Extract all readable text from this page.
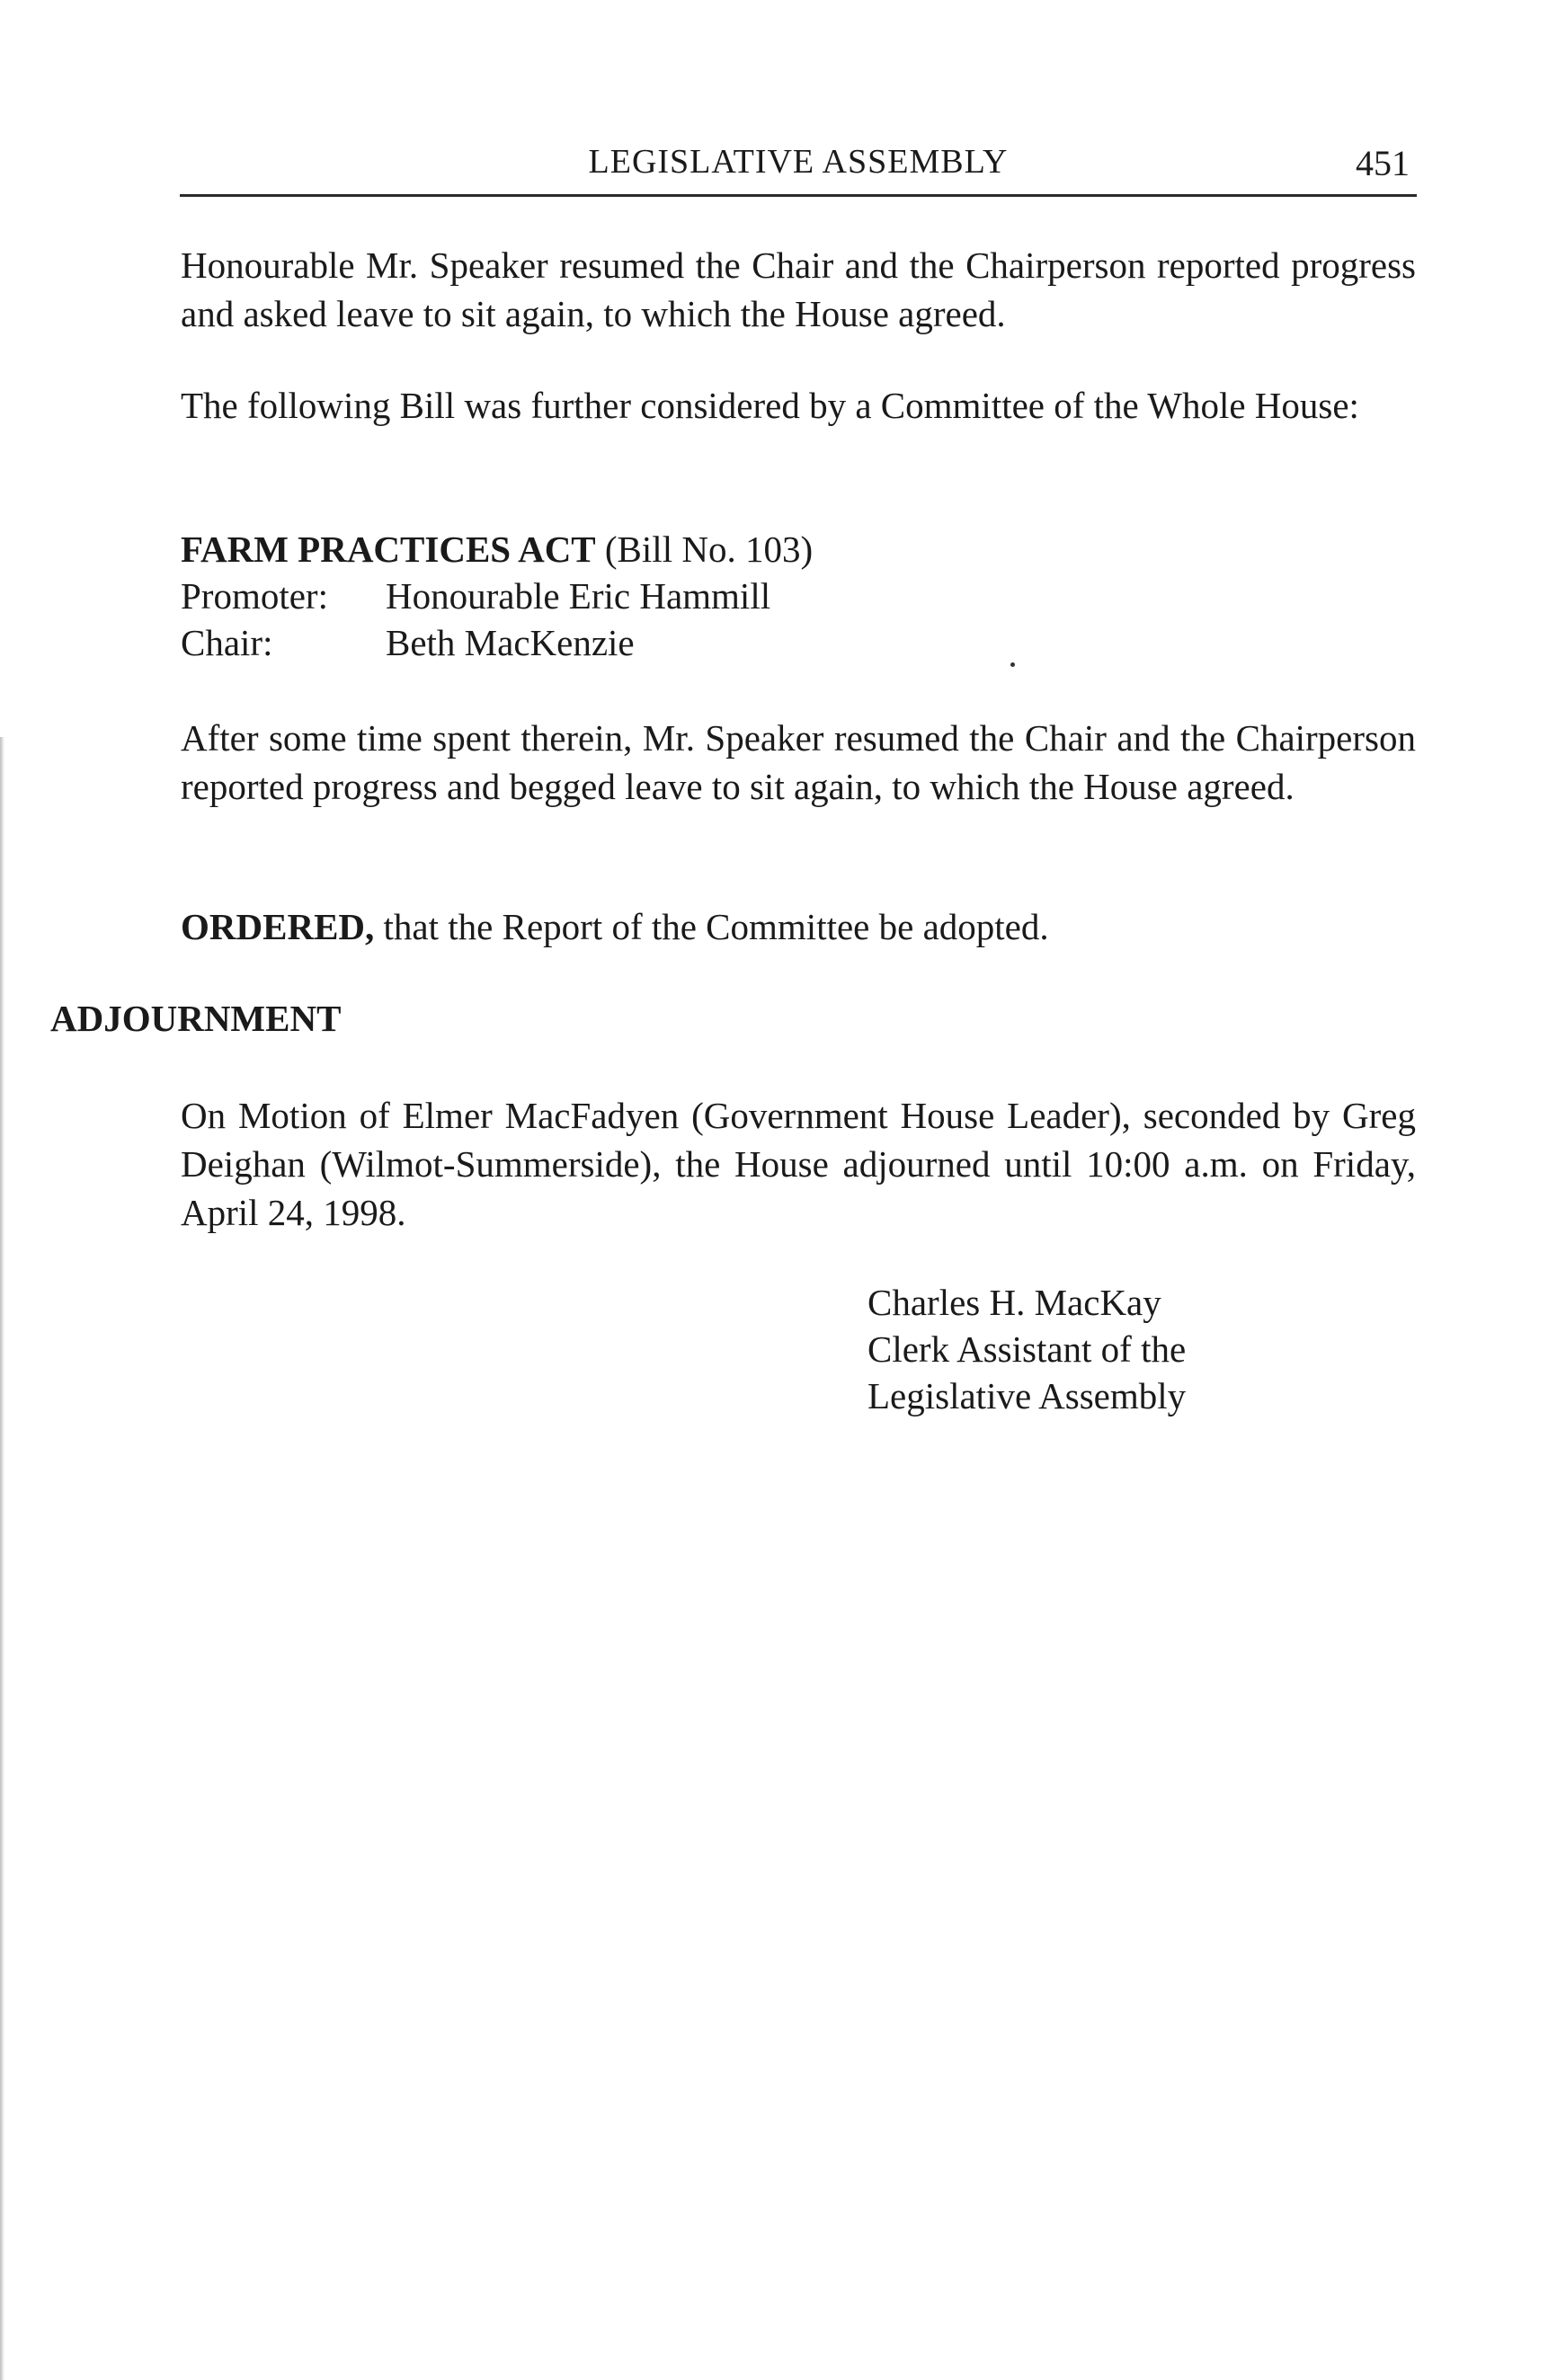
LEGISLATIVE ASSEMBLY	451
Honourable Mr. Speaker resumed the Chair and the Chairperson reported progress and asked leave to sit again, to which the House agreed.
The following Bill was further considered by a Committee of the Whole House:
FARM PRACTICES ACT (Bill No. 103)
Promoter: Honourable Eric Hammill
Chair:	Beth MacKenzie
After some time spent therein, Mr. Speaker resumed the Chair and the Chairperson reported progress and begged leave to sit again, to which the House agreed.
ORDERED, that the Report of the Committee be adopted.
ADJOURNMENT
On Motion of Elmer MacFadyen (Government House Leader), seconded by Greg Deighan (Wilmot-Summerside), the House adjourned until 10:00 a.m. on Friday, April 24, 1998.
Charles H. MacKay
Clerk Assistant of the
Legislative Assembly
